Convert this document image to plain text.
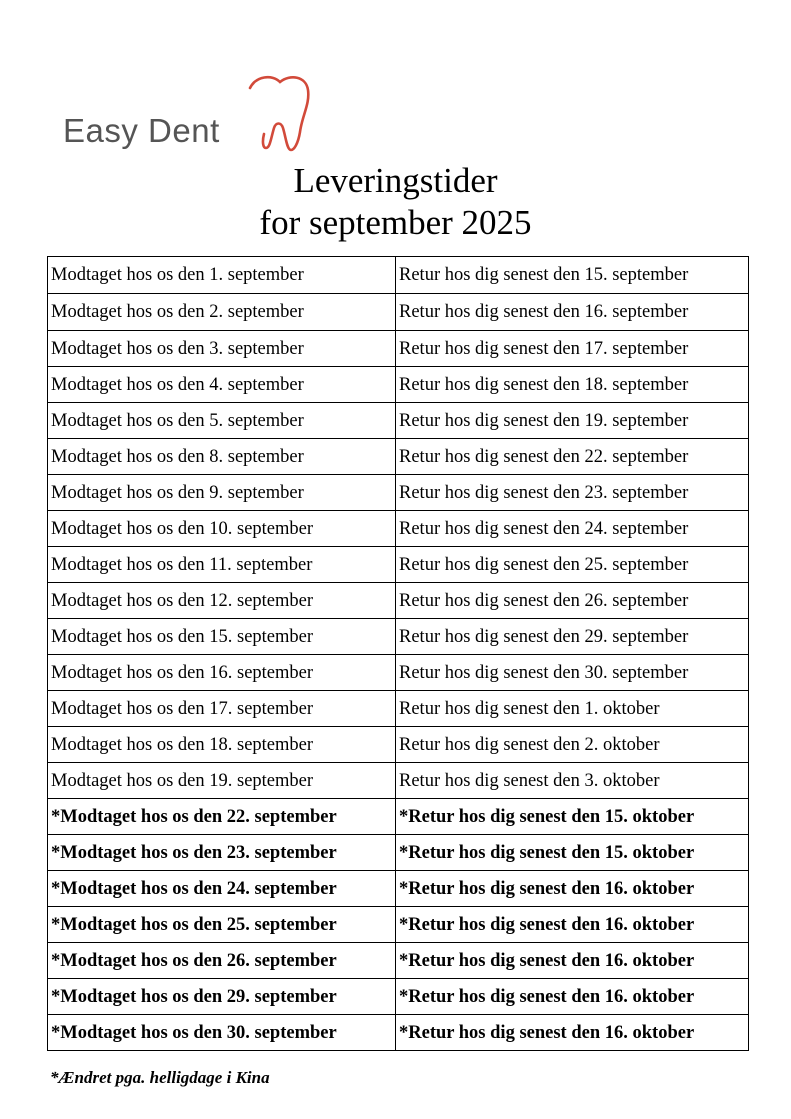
Easy Dent
Leveringstider
for september 2025
Modtaget hos os den 1. september	Retur hos dig senest den 15. september
Modtaget hos os den 2. september	Retur hos dig senest den 16. september
Modtaget hos os den 3. september	Retur hos dig senest den 17. september
Modtaget hos os den 4. september	Retur hos dig senest den 18. september
Modtaget hos os den 5. september	Retur hos dig senest den 19. september
Modtaget hos os den 8. september	Retur hos dig senest den 22. september
Modtaget hos os den 9. september	Retur hos dig senest den 23. september
Modtaget hos os den 10. september	Retur hos dig senest den 24. september
Modtaget hos os den 11. september	Retur hos dig senest den 25. september
Modtaget hos os den 12. september	Retur hos dig senest den 26. september
Modtaget hos os den 15. september	Retur hos dig senest den 29. september
Modtaget hos os den 16. september	Retur hos dig senest den 30. september
Modtaget hos os den 17. september	Retur hos dig senest den 1. oktober
Modtaget hos os den 18. september	Retur hos dig senest den 2. oktober
Modtaget hos os den 19. september	Retur hos dig senest den 3. oktober
*Modtaget hos os den 22. september	*Retur hos dig senest den 15. oktober
*Modtaget hos os den 23. september	*Retur hos dig senest den 15. oktober
*Modtaget hos os den 24. september	*Retur hos dig senest den 16. oktober
*Modtaget hos os den 25. september	*Retur hos dig senest den 16. oktober
*Modtaget hos os den 26. september	*Retur hos dig senest den 16. oktober
*Modtaget hos os den 29. september	*Retur hos dig senest den 16. oktober
*Modtaget hos os den 30. september	*Retur hos dig senest den 16. oktober
*Ændret pga. helligdage i Kina
